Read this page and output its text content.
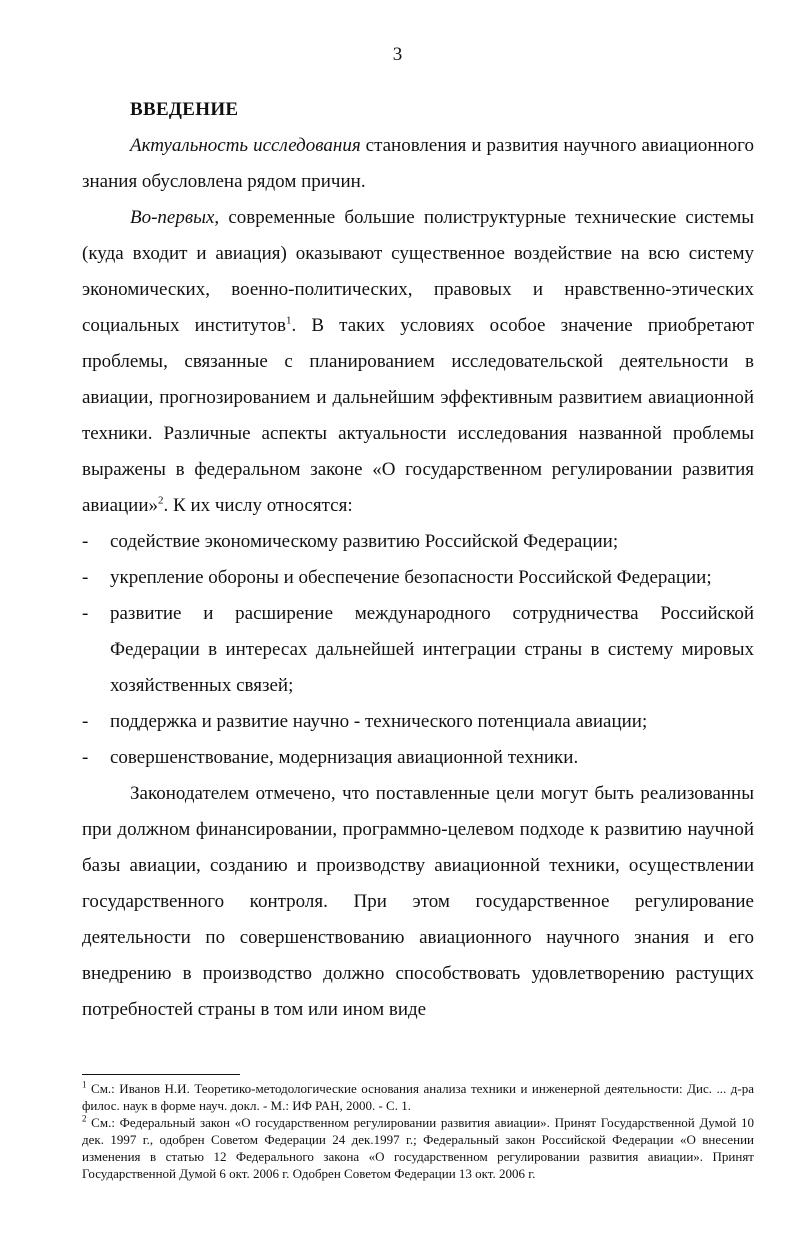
3
ВВЕДЕНИЕ

Актуальность исследования становления и развития научного авиационного знания обусловлена рядом причин.

Во-первых, современные большие полиструктурные технические системы (куда входит и авиация) оказывают существенное воздействие на всю систему экономических, военно-политических, правовых и нравственно-этических социальных институтов$^1$. В таких условиях особое значение приобретают проблемы, связанные с планированием исследовательской деятельности в авиации, прогнозированием и дальнейшим эффективным развитием авиационной техники. Различные аспекты актуальности исследования названной проблемы выражены в федеральном законе «О государственном регулировании развития авиации»$^2$. К их числу относятся:

- содействие экономическому развитию Российской Федерации;
- укрепление обороны и обеспечение безопасности Российской Федерации;
- развитие и расширение международного сотрудничества Российской Федерации в интересах дальнейшей интеграции страны в систему мировых хозяйственных связей;
- поддержка и развитие научно - технического потенциала авиации;
- совершенствование, модернизация авиационной техники.

Законодателем отмечено, что поставленные цели могут быть реализованны при должном финансировании, программно-целевом подходе к развитию научной базы авиации, созданию и производству авиационной техники, осуществлении государственного контроля. При этом государственное регулирование деятельности по совершенствованию авиационного научного знания и его внедрению в производство должно способствовать удовлетворению растущих потребностей страны в том или ином виде

$^1$ См.: Иванов Н.И. Теоретико-методологические основания анализа техники и инженерной деятельности: Дис. ... д-ра филос. наук в форме науч. докл. - М.: ИФ РАН, 2000. - С. 1.

$^2$ См.: Федеральный закон «О государственном регулировании развития авиации». Принят Государственной Думой 10 дек. 1997 г., одобрен Советом Федерации 24 дек.1997 г.; Федеральный закон Российской Федерации «О внесении изменения в статью 12 Федерального закона «О государственном регулировании развития авиации». Принят Государственной Думой 6 окт. 2006 г. Одобрен Советом Федерации 13 окт. 2006 г.
